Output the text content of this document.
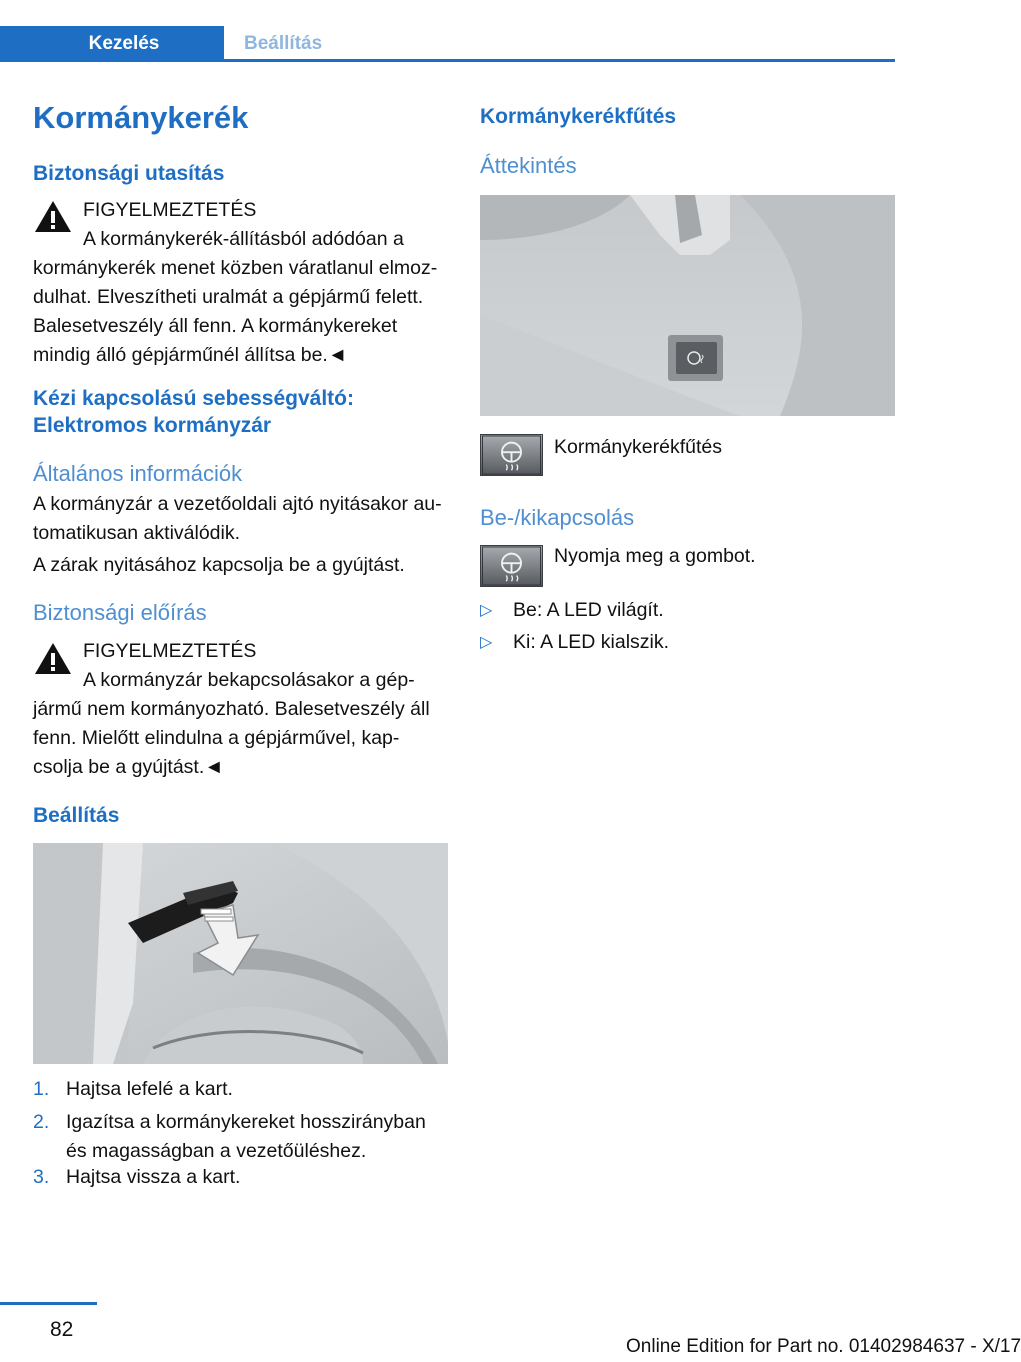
Kezelés	Beállítás
Kormánykerék
Biztonsági utasítás
FIGYELMEZTETÉS
A kormánykerék-állításból adódóan a
kormánykerék menet közben váratlanul elmoz-
dulhat. Elveszítheti uralmát a gépjármű felett.
Balesetveszély áll fenn. A kormánykereket
mindig álló gépjárműnél állítsa be.◄
Kézi kapcsolású sebességváltó:
Elektromos kormányzár
Általános információk
A kormányzár a vezetőoldali ajtó nyitásakor au-
tomatikusan aktiválódik.
A zárak nyitásához kapcsolja be a gyújtást.
Biztonsági előírás
FIGYELMEZTETÉS
A kormányzár bekapcsolásakor a gép-
jármű nem kormányozható. Balesetveszély áll
fenn. Mielőtt elindulna a gépjárművel, kap-
csolja be a gyújtást.◄
Beállítás
1. Hajtsa lefelé a kart.
2. Igazítsa a kormánykereket hosszirányban
és magasságban a vezetőüléshez.
3. Hajtsa vissza a kart.
Kormánykerékfűtés
Áttekintés
Kormánykerékfűtés
Be-/kikapcsolás
Nyomja meg a gombot.
▷ Be: A LED világít.
▷ Ki: A LED kialszik.
82
Online Edition for Part no. 01402984637 - X/17
